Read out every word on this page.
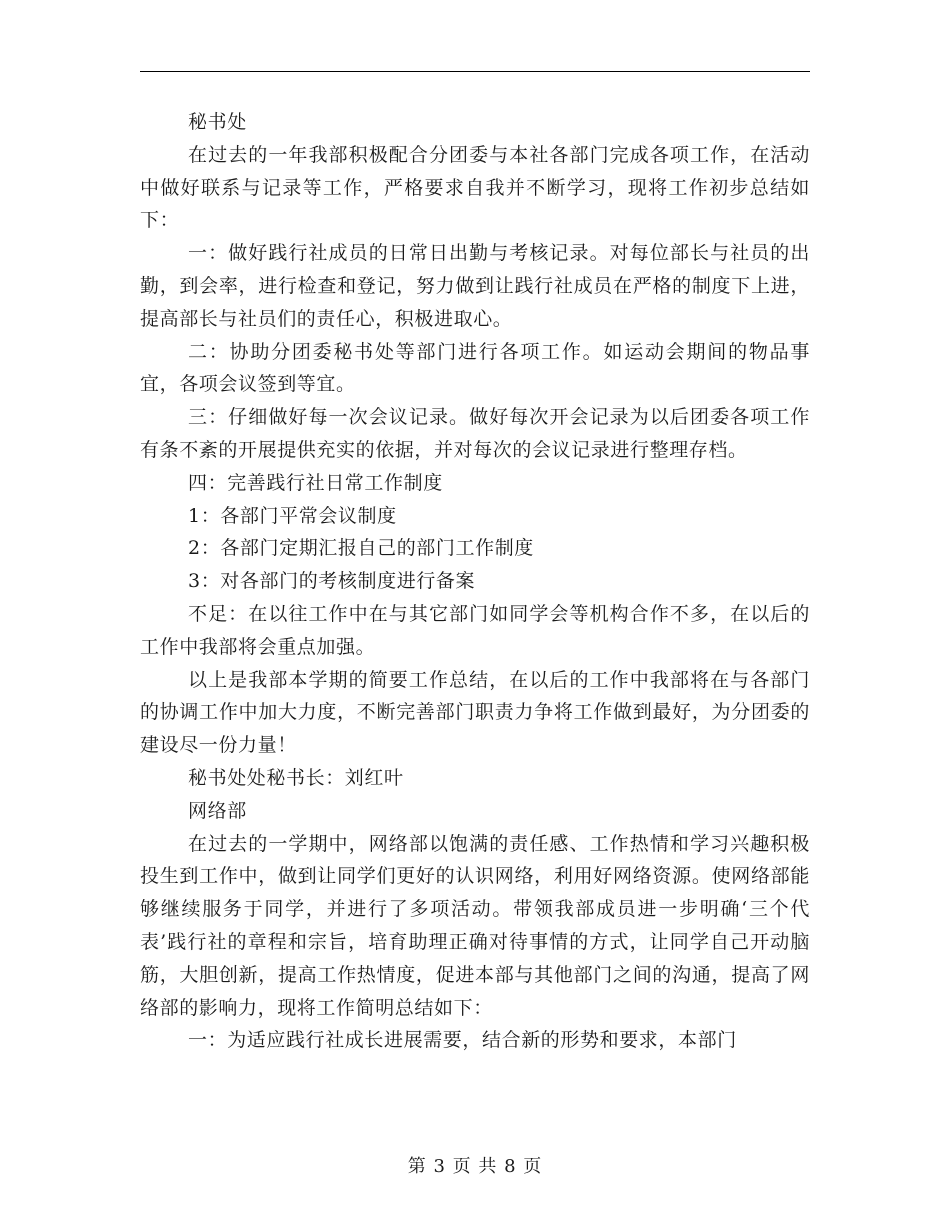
秘书处

在过去的一年我部积极配合分团委与本社各部门完成各项工作，在活动中做好联系与记录等工作，严格要求自我并不断学习，现将工作初步总结如下：

一：做好践行社成员的日常日出勤与考核记录。对每位部长与社员的出勤，到会率，进行检查和登记，努力做到让践行社成员在严格的制度下上进，提高部长与社员们的责任心，积极进取心。

二：协助分团委秘书处等部门进行各项工作。如运动会期间的物品事宜，各项会议签到等宜。

三：仔细做好每一次会议记录。做好每次开会记录为以后团委各项工作有条不紊的开展提供充实的依据，并对每次的会议记录进行整理存档。

四：完善践行社日常工作制度

1：各部门平常会议制度

2：各部门定期汇报自己的部门工作制度

3：对各部门的考核制度进行备案

不足：在以往工作中在与其它部门如同学会等机构合作不多，在以后的工作中我部将会重点加强。

以上是我部本学期的简要工作总结，在以后的工作中我部将在与各部门的协调工作中加大力度，不断完善部门职责力争将工作做到最好，为分团委的建设尽一份力量！

秘书处处秘书长：刘红叶

网络部

在过去的一学期中，网络部以饱满的责任感、工作热情和学习兴趣积极投生到工作中，做到让同学们更好的认识网络，利用好网络资源。使网络部能够继续服务于同学，并进行了多项活动。带领我部成员进一步明确‘三个代表’践行社的章程和宗旨，培育助理正确对待事情的方式，让同学自己开动脑筋，大胆创新，提高工作热情度，促进本部与其他部门之间的沟通，提高了网络部的影响力，现将工作简明总结如下：

一：为适应践行社成长进展需要，结合新的形势和要求，本部门

第 3 页 共 8 页
